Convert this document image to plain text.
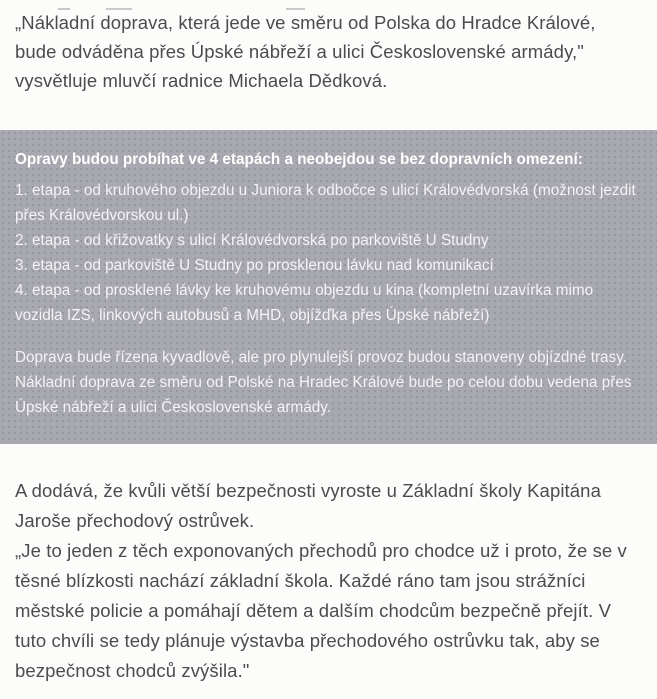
„Nákladní doprava, která jede ve směru od Polska do Hradce Králové, bude odváděna přes Úpské nábřeží a ulici Československé armády," vysvětluje mluvčí radnice Michaela Dědková.

Opravy budou probíhat ve 4 etapách a neobejdou se bez dopravních omezení:

1. etapa - od kruhového objezdu u Juniora k odbočce s ulicí Královédvorská (možnost jezdit přes Královédvorskou ul.)
2. etapa - od křižovatky s ulicí Královédvorská po parkoviště U Studny
3. etapa - od parkoviště U Studny po prosklenou lávku nad komunikací
4. etapa - od prosklené lávky ke kruhovému objezdu u kina (kompletní uzavírka mimo vozidla IZS, linkových autobusů a MHD, objížďka přes Úpské nábřeží)

Doprava bude řízena kyvadlově, ale pro plynulejší provoz budou stanoveny objízdné trasy. Nákladní doprava ze směru od Polské na Hradec Králové bude po celou dobu vedena přes Úpské nábřeží a ulici Československé armády.

A dodává, že kvůli větší bezpečnosti vyroste u Základní školy Kapitána Jaroše přechodový ostrůvek.

„Je to jeden z těch exponovaných přechodů pro chodce už i proto, že se v těsné blízkosti nachází základní škola. Každé ráno tam jsou strážníci městské policie a pomáhají dětem a dalším chodcům bezpečně přejít. V tuto chvíli se tedy plánuje výstavba přechodového ostrůvku tak, aby se bezpečnost chodců zvýšila."
